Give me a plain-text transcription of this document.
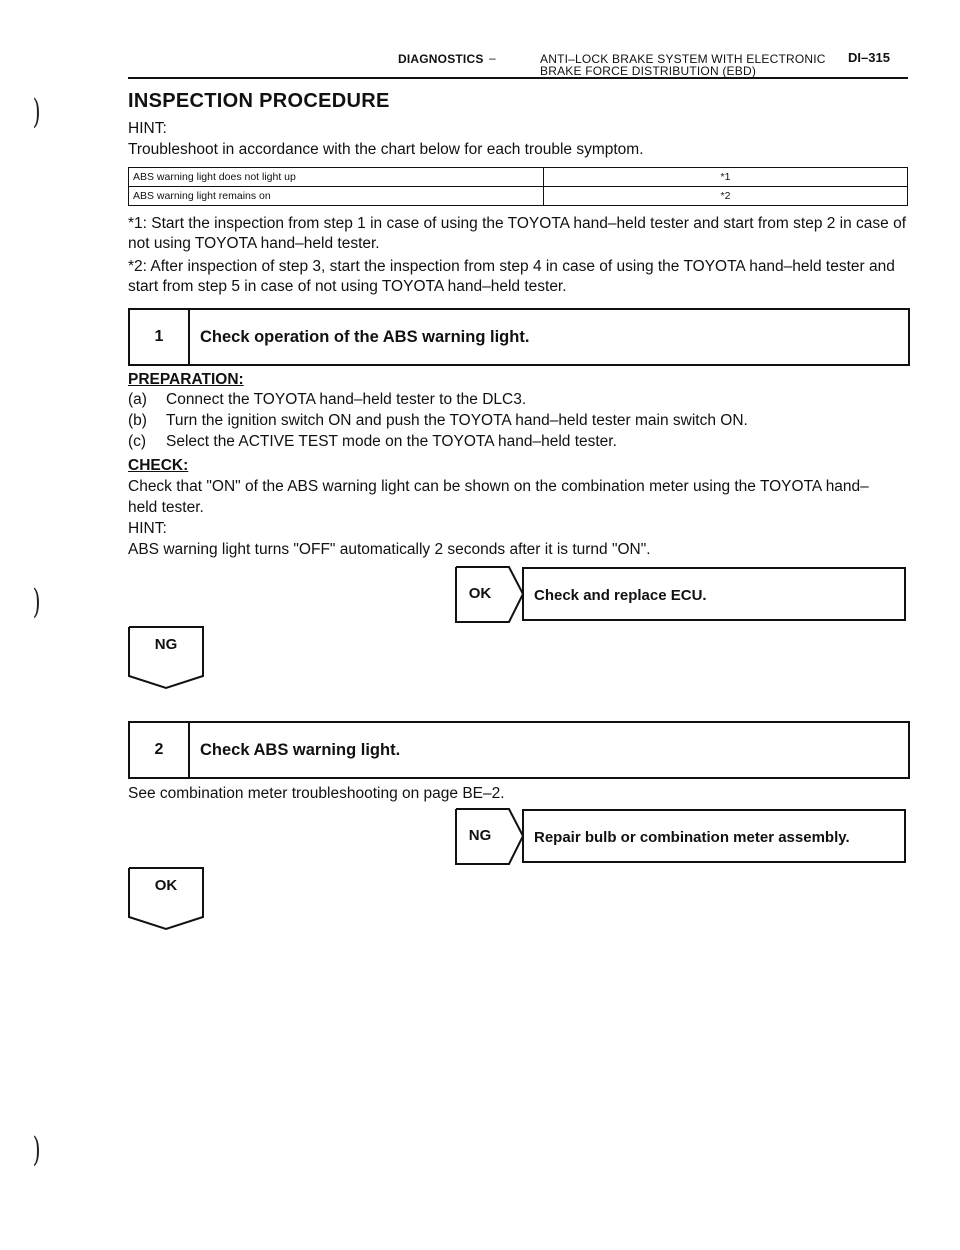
DIAGNOSTICS –	ANTI–LOCK BRAKE SYSTEM WITH ELECTRONIC
BRAKE FORCE DISTRIBUTION (EBD)
DI–315
)
)
)
INSPECTION PROCEDURE
HINT:
Troubleshoot in accordance with the chart below for each trouble symptom.
ABS warning light does not light up	*1
ABS warning light remains on	*2
*1: Start the inspection from step 1 in case of using the TOYOTA hand–held tester and start from step 2 in case of not using TOYOTA hand–held tester.
*2: After inspection of step 3, start the inspection from step 4 in case of using the TOYOTA hand–held tester and start from step 5 in case of not using TOYOTA hand–held tester.
1	Check operation of the ABS warning light.
PREPARATION:
(a) Connect the TOYOTA hand–held tester to the DLC3.
(b) Turn the ignition switch ON and push the TOYOTA hand–held tester main switch ON.
(c) Select the ACTIVE TEST mode on the TOYOTA hand–held tester.
CHECK:
Check that "ON" of the ABS warning light can be shown on the combination meter using the TOYOTA hand–
held tester.
HINT:
ABS warning light turns "OFF" automatically 2 seconds after it is turnd "ON".
OK	Check and replace ECU.
NG
2	Check ABS warning light.
See combination meter troubleshooting on page BE–2.
NG	Repair bulb or combination meter assembly.
OK
